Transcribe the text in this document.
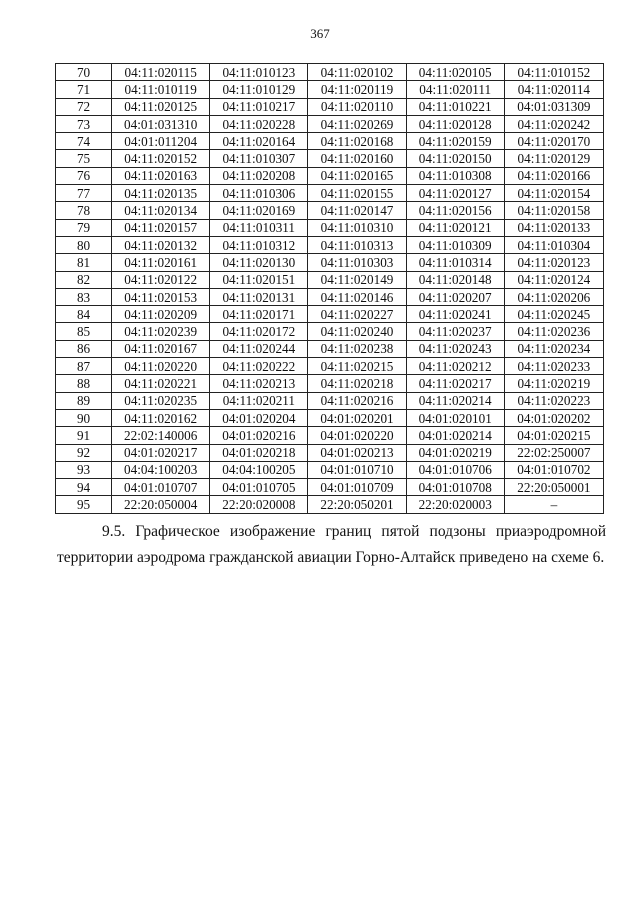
367
70	04:11:020115	04:11:010123	04:11:020102	04:11:020105	04:11:010152
71	04:11:010119	04:11:010129	04:11:020119	04:11:020111	04:11:020114
72	04:11:020125	04:11:010217	04:11:020110	04:11:010221	04:01:031309
73	04:01:031310	04:11:020228	04:11:020269	04:11:020128	04:11:020242
74	04:01:011204	04:11:020164	04:11:020168	04:11:020159	04:11:020170
75	04:11:020152	04:11:010307	04:11:020160	04:11:020150	04:11:020129
76	04:11:020163	04:11:020208	04:11:020165	04:11:010308	04:11:020166
77	04:11:020135	04:11:010306	04:11:020155	04:11:020127	04:11:020154
78	04:11:020134	04:11:020169	04:11:020147	04:11:020156	04:11:020158
79	04:11:020157	04:11:010311	04:11:010310	04:11:020121	04:11:020133
80	04:11:020132	04:11:010312	04:11:010313	04:11:010309	04:11:010304
81	04:11:020161	04:11:020130	04:11:010303	04:11:010314	04:11:020123
82	04:11:020122	04:11:020151	04:11:020149	04:11:020148	04:11:020124
83	04:11:020153	04:11:020131	04:11:020146	04:11:020207	04:11:020206
84	04:11:020209	04:11:020171	04:11:020227	04:11:020241	04:11:020245
85	04:11:020239	04:11:020172	04:11:020240	04:11:020237	04:11:020236
86	04:11:020167	04:11:020244	04:11:020238	04:11:020243	04:11:020234
87	04:11:020220	04:11:020222	04:11:020215	04:11:020212	04:11:020233
88	04:11:020221	04:11:020213	04:11:020218	04:11:020217	04:11:020219
89	04:11:020235	04:11:020211	04:11:020216	04:11:020214	04:11:020223
90	04:11:020162	04:01:020204	04:01:020201	04:01:020101	04:01:020202
91	22:02:140006	04:01:020216	04:01:020220	04:01:020214	04:01:020215
92	04:01:020217	04:01:020218	04:01:020213	04:01:020219	22:02:250007
93	04:04:100203	04:04:100205	04:01:010710	04:01:010706	04:01:010702
94	04:01:010707	04:01:010705	04:01:010709	04:01:010708	22:20:050001
95	22:20:050004	22:20:020008	22:20:050201	22:20:020003	–

9.5. Графическое изображение границ пятой подзоны приаэродромной территории аэродрома гражданской авиации Горно-Алтайск приведено на схеме 6.
